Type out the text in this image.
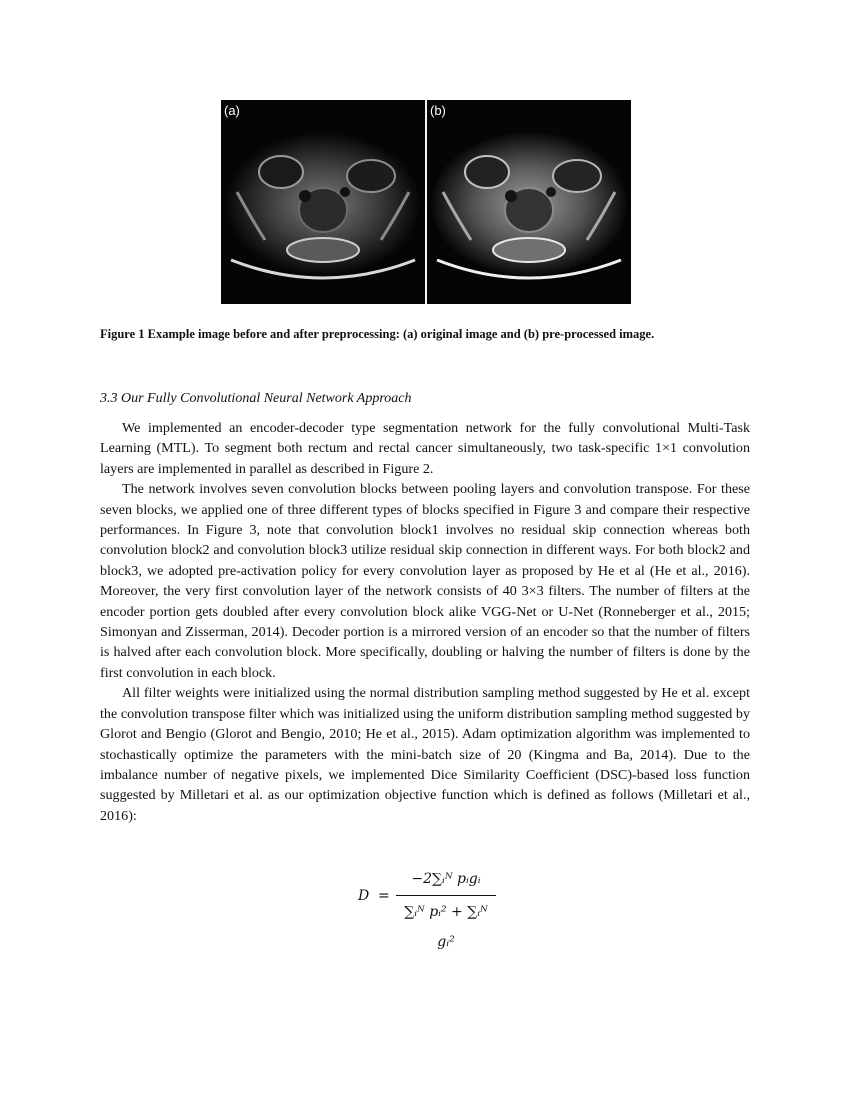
(a)	(b)
Figure 1 Example image before and after preprocessing: (a) original image and (b) pre-processed image.
3.3 Our Fully Convolutional Neural Network Approach

We implemented an encoder-decoder type segmentation network for the fully convolutional Multi-Task Learning (MTL). To segment both rectum and rectal cancer simultaneously, two task-specific 1×1 convolution layers are implemented in parallel as described in Figure 2.

The network involves seven convolution blocks between pooling layers and convolution transpose. For these seven blocks, we applied one of three different types of blocks specified in Figure 3 and compare their respective performances. In Figure 3, note that convolution block1 involves no residual skip connection whereas both convolution block2 and convolution block3 utilize residual skip connection in different ways. For both block2 and block3, we adopted pre-activation policy for every convolution layer as proposed by He et al (He et al., 2016). Moreover, the very first convolution layer of the network consists of 40 3×3 filters. The number of filters at the encoder portion gets doubled after every convolution block alike VGG-Net or U-Net (Ronneberger et al., 2015; Simonyan and Zisserman, 2014). Decoder portion is a mirrored version of an encoder so that the number of filters is halved after each convolution block. More specifically, doubling or halving the number of filters is done by the first convolution in each block.

All filter weights were initialized using the normal distribution sampling method suggested by He et al. except the convolution transpose filter which was initialized using the uniform distribution sampling method suggested by Glorot and Bengio (Glorot and Bengio, 2010; He et al., 2015). Adam optimization algorithm was implemented to stochastically optimize the parameters with the mini-batch size of 20 (Kingma and Ba, 2014). Due to the imbalance number of negative pixels, we implemented Dice Similarity Coefficient (DSC)-based loss function suggested by Milletari et al. as our optimization objective function which is defined as follows (Milletari et al., 2016):

D =
−2∑ᵢᴺ pᵢgᵢ
∑ᵢᴺ pᵢ² + ∑ᵢᴺ gᵢ²
